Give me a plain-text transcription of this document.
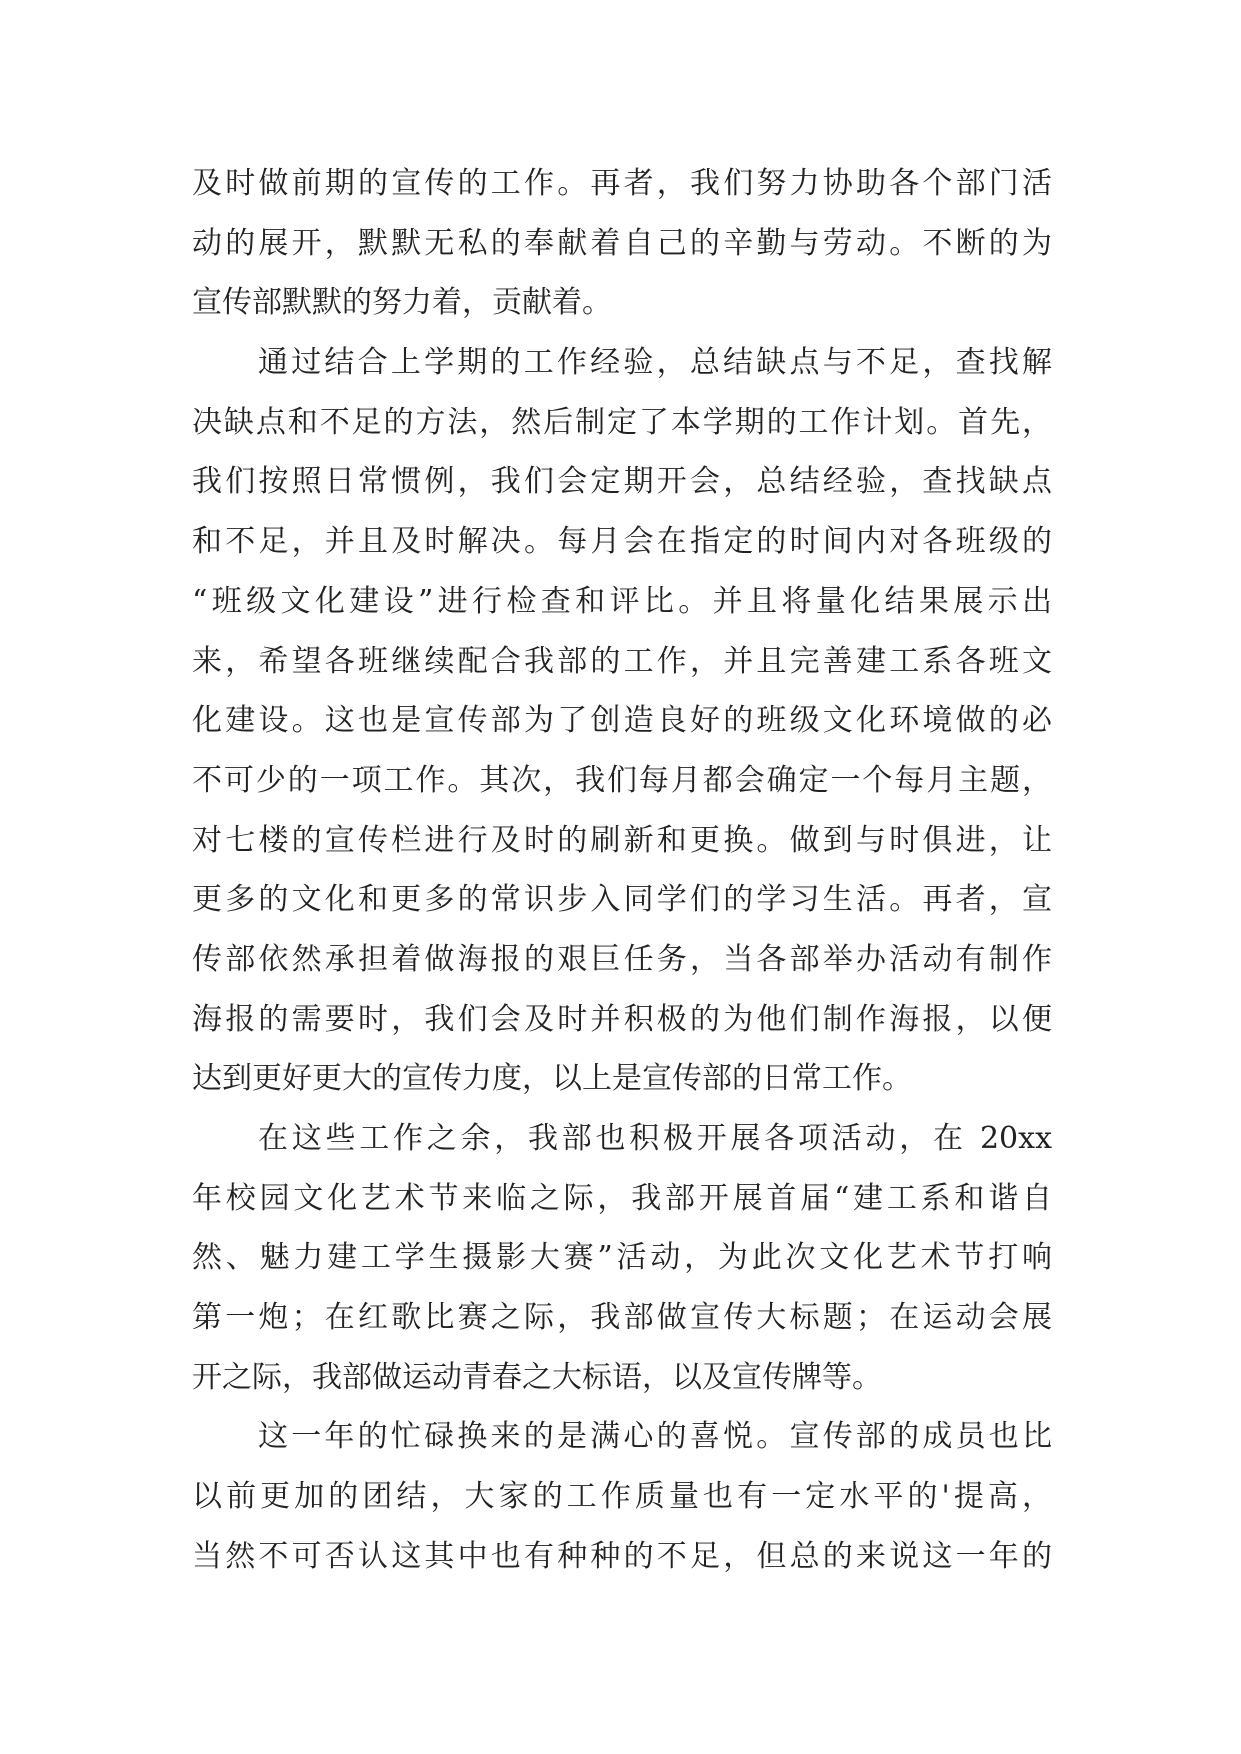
及时做前期的宣传的工作。再者，我们努力协助各个部门活
动的展开，默默无私的奉献着自己的辛勤与劳动。不断的为
宣传部默默的努力着，贡献着。
通过结合上学期的工作经验，总结缺点与不足，查找解
决缺点和不足的方法，然后制定了本学期的工作计划。首先，
我们按照日常惯例，我们会定期开会，总结经验，查找缺点
和不足，并且及时解决。每月会在指定的时间内对各班级的
“班级文化建设”进行检查和评比。并且将量化结果展示出
来，希望各班继续配合我部的工作，并且完善建工系各班文
化建设。这也是宣传部为了创造良好的班级文化环境做的必
不可少的一项工作。其次，我们每月都会确定一个每月主题，
对七楼的宣传栏进行及时的刷新和更换。做到与时俱进，让
更多的文化和更多的常识步入同学们的学习生活。再者，宣
传部依然承担着做海报的艰巨任务，当各部举办活动有制作
海报的需要时，我们会及时并积极的为他们制作海报，以便
达到更好更大的宣传力度，以上是宣传部的日常工作。
在这些工作之余，我部也积极开展各项活动，在 20xx
年校园文化艺术节来临之际，我部开展首届“建工系和谐自
然、魅力建工学生摄影大赛”活动，为此次文化艺术节打响
第一炮；在红歌比赛之际，我部做宣传大标题；在运动会展
开之际，我部做运动青春之大标语，以及宣传牌等。
这一年的忙碌换来的是满心的喜悦。宣传部的成员也比
以前更加的团结，大家的工作质量也有一定水平的'提高，
当然不可否认这其中也有种种的不足，但总的来说这一年的
